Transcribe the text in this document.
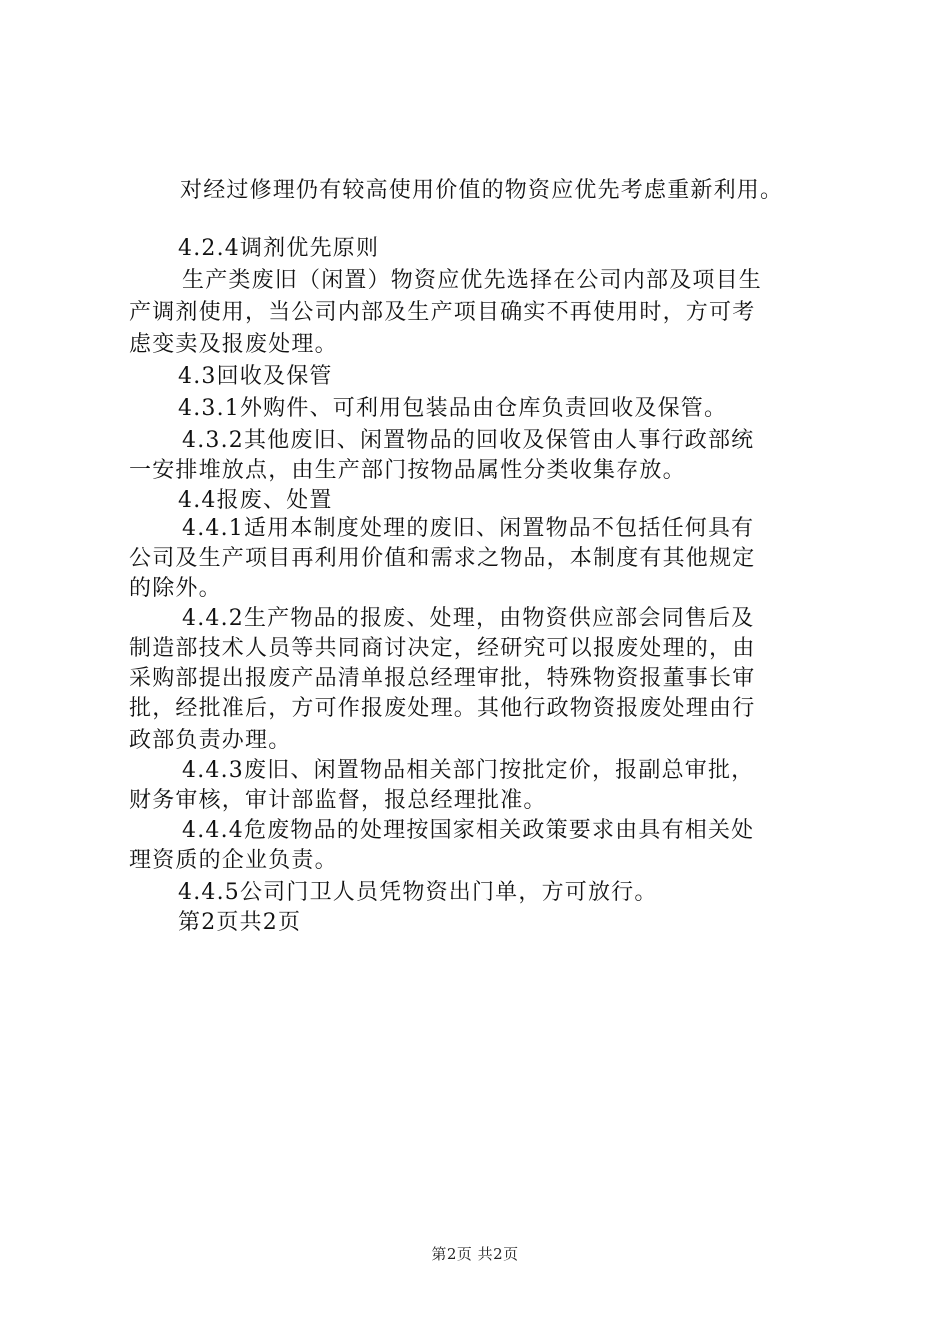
对经过修理仍有较高使用价值的物资应优先考虑重新利用。
4.2.4调剂优先原则
生产类废旧（闲置）物资应优先选择在公司内部及项目生
产调剂使用，当公司内部及生产项目确实不再使用时，方可考
虑变卖及报废处理。
4.3回收及保管
4.3.1外购件、可利用包装品由仓库负责回收及保管。
4.3.2其他废旧、闲置物品的回收及保管由人事行政部统
一安排堆放点，由生产部门按物品属性分类收集存放。
4.4报废、处置
4.4.1适用本制度处理的废旧、闲置物品不包括任何具有
公司及生产项目再利用价值和需求之物品，本制度有其他规定
的除外。
4.4.2生产物品的报废、处理，由物资供应部会同售后及
制造部技术人员等共同商讨决定，经研究可以报废处理的，由
采购部提出报废产品清单报总经理审批，特殊物资报董事长审
批，经批准后，方可作报废处理。其他行政物资报废处理由行
政部负责办理。
4.4.3废旧、闲置物品相关部门按批定价，报副总审批，
财务审核，审计部监督，报总经理批准。
4.4.4危废物品的处理按国家相关政策要求由具有相关处
理资质的企业负责。
4.4.5公司门卫人员凭物资出门单，方可放行。
第2页共2页
第2页 共2页
